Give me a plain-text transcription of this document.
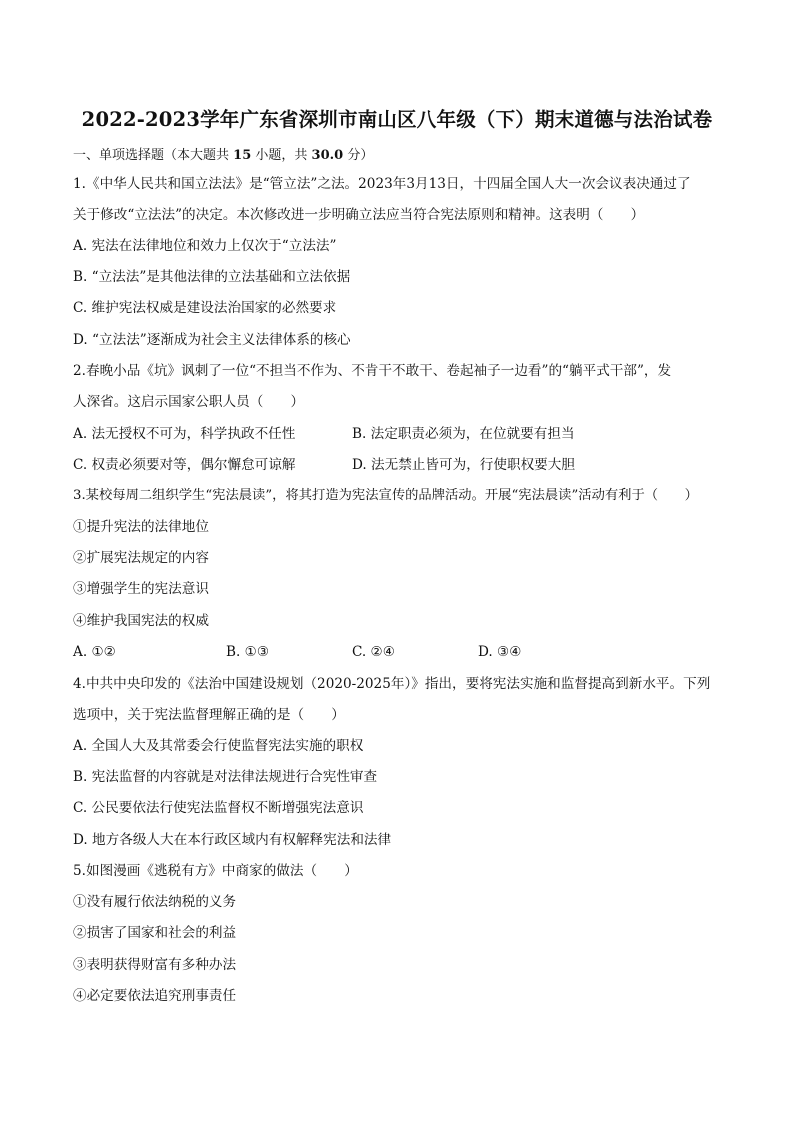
2022-2023学年广东省深圳市南山区八年级（下）期末道德与法治试卷
一、单项选择题（本大题共 15 小题，共 30.0 分）
1.《中华人民共和国立法法》是“管立法”之法。2023年3月13日，十四届全国人大一次会议表决通过了
关于修改“立法法”的决定。本次修改进一步明确立法应当符合宪法原则和精神。这表明（　　）
A. 宪法在法律地位和效力上仅次于“立法法”
B. “立法法”是其他法律的立法基础和立法依据
C. 维护宪法权威是建设法治国家的必然要求
D. “立法法”逐渐成为社会主义法律体系的核心
2.春晚小品《坑》讽刺了一位“不担当不作为、不肯干不敢干、卷起袖子一边看”的“躺平式干部”，发
人深省。这启示国家公职人员（　　）
A. 法无授权不可为，科学执政不任性	B. 法定职责必须为，在位就要有担当
C. 权责必须要对等，偶尔懈怠可谅解	D. 法无禁止皆可为，行使职权要大胆
3.某校每周二组织学生“宪法晨读”，将其打造为宪法宣传的品牌活动。开展“宪法晨读”活动有利于（　　）
①提升宪法的法律地位
②扩展宪法规定的内容
③增强学生的宪法意识
④维护我国宪法的权威
A. ①②	B. ①③	C. ②④	D. ③④
4.中共中央印发的《法治中国建设规划（2020-2025年）》指出，要将宪法实施和监督提高到新水平。下列
选项中，关于宪法监督理解正确的是（　　）
A. 全国人大及其常委会行使监督宪法实施的职权
B. 宪法监督的内容就是对法律法规进行合宪性审查
C. 公民要依法行使宪法监督权不断增强宪法意识
D. 地方各级人大在本行政区域内有权解释宪法和法律
5.如图漫画《逃税有方》中商家的做法（　　）
①没有履行依法纳税的义务
②损害了国家和社会的利益
③表明获得财富有多种办法
④必定要依法追究刑事责任
